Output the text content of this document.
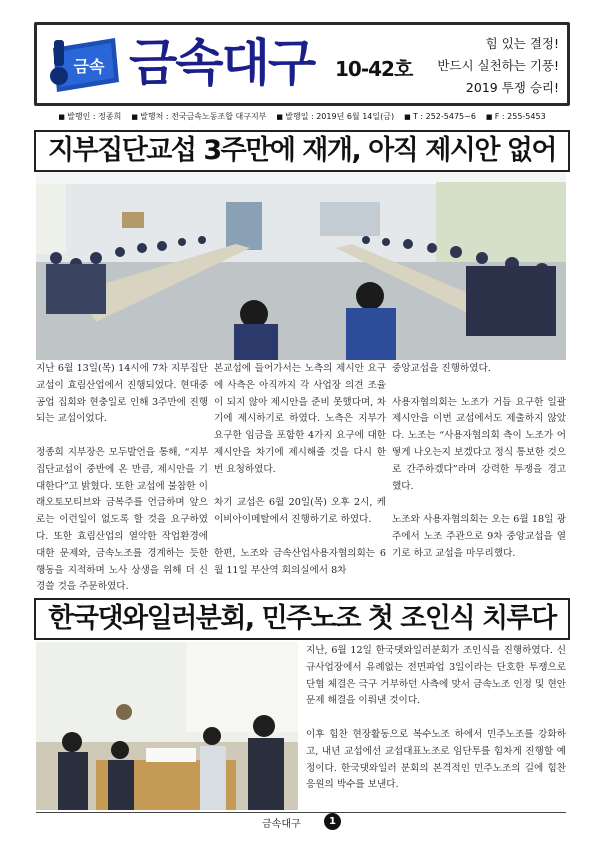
금속 금속대구 10-42호
힘 있는 결정!
반드시 실천하는 기풍!
2019 투쟁 승리!
■ 발행인 : 정종희	■ 발행처 : 전국금속노동조합 대구지부	■ 발행일 : 2019년 6월 14일(금)	■ T : 252-5475~6	■ F : 255-5453
지부집단교섭 3주만에 재개, 아직 제시안 없어

지난 6월 13일(목) 14시에 7차 지부집단교섭이 효림산업에서 진행되었다. 현대중공업 집회와 현충일로 인해 3주만에 진행되는 교섭이었다.

정종희 지부장은 모두발언을 통해, “지부집단교섭이 중반에 온 만큼, 제시안을 기대한다”고 밝혔다. 또한 교섭에 불참한 이래오토모티브와 금복주를 언급하며 앞으로는 이런일이 없도록 할 것을 요구하였다. 또한 효림산업의 열악한 작업환경에 대한 문제와, 금속노조를 경계하는 듯한 행동을 지적하며 노사 상생을 위해 더 신경쓸 것을 주문하였다.

본교섭에 들어가서는 노측의 제시안 요구에 사측은 아직까지 각 사업장 의견 조율이 되지 않아 제시안을 준비 못했다며, 차기에 제시하기로 하였다. 노측은 지부가 요구한 임금을 포함한 4가지 요구에 대한 제시안을 차기에 제시해줄 것을 다시 한번 요청하였다.

차기 교섭은 6월 20일(목) 오후 2시, 케이비아이메탈에서 진행하기로 하였다.

한편, 노조와 금속산업사용자협의회는 6월 11일 부산역 회의실에서 8차

중앙교섭을 진행하였다.

사용자협의회는 노조가 거듭 요구한 일괄제시안을 이번 교섭에서도 제출하지 않았다. 노조는 “사용자협의회 측이 노조가 어떻게 나오는지 보겠다고 정식 통보한 것으로 간주하겠다”라며 강력한 투쟁을 경고했다.

노조와 사용자협의회는 오는 6월 18일 광주에서 노조 주관으로 9차 중앙교섭을 열기로 하고 교섭을 마무리했다.

한국댓와일러분회, 민주노조 첫 조인식 치루다

지난, 6월 12일 한국댓와일러분회가 조인식을 진행하였다. 신규사업장에서 유례없는 전면파업 3일이라는 단호한 투쟁으로 단협 체결은 극구 거부하던 사측에 맞서 금속노조 인정 및 현안문제 해결을 이뤄낸 것이다.

이후 힘찬 현장활동으로 복수노조 하에서 민주노조를 강화하고, 내년 교섭에선 교섭대표노조로 임단투를 힘차게 진행할 예정이다. 한국댓와일러 분회의 본격적인 민주노조의 길에 힘찬 응원의 박수를 보낸다.

금속대구	1
